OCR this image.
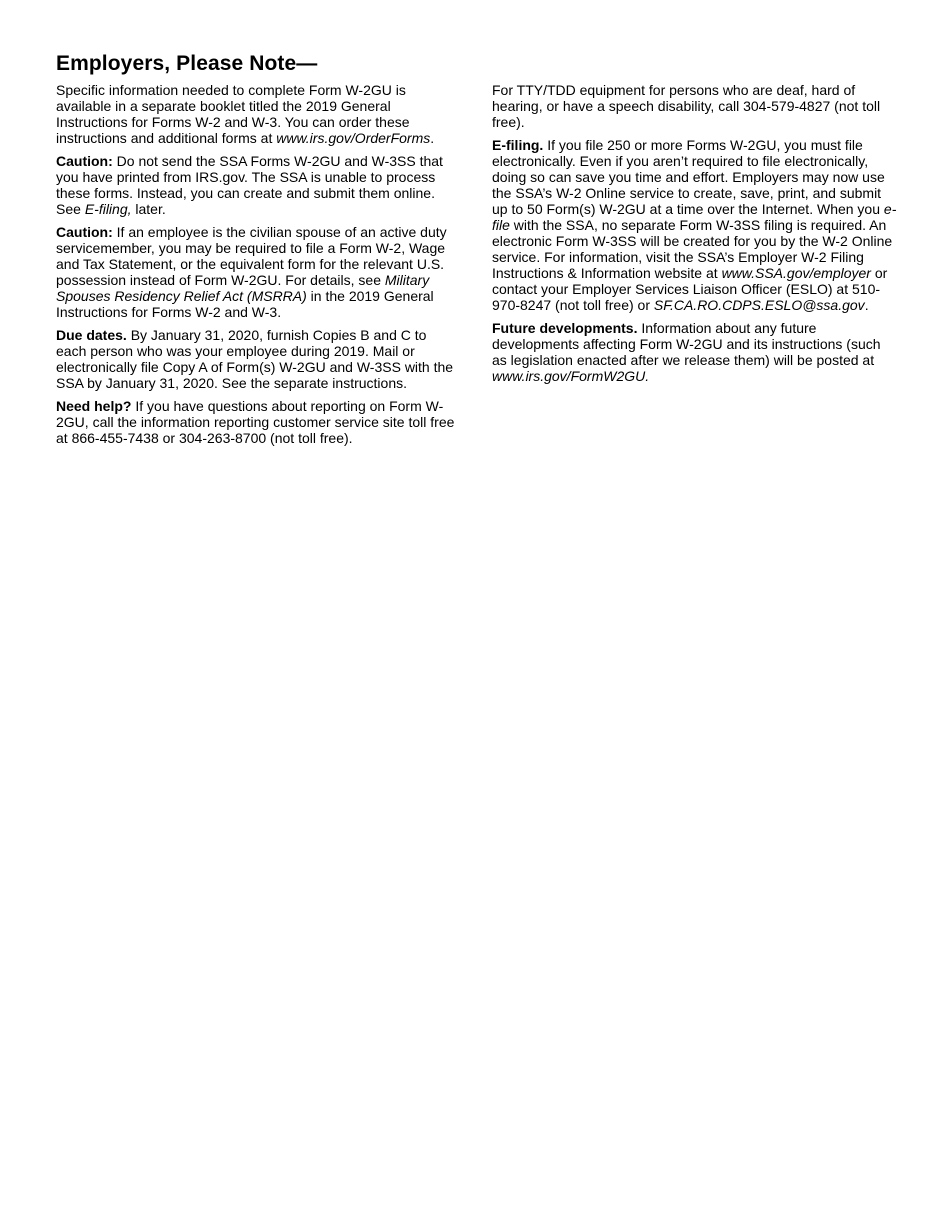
Employers, Please Note—

Specific information needed to complete Form W-2GU is available in a separate booklet titled the 2019 General Instructions for Forms W-2 and W-3. You can order these instructions and additional forms at www.irs.gov/OrderForms.

Caution: Do not send the SSA Forms W-2GU and W-3SS that you have printed from IRS.gov. The SSA is unable to process these forms. Instead, you can create and submit them online. See E-filing, later.

Caution: If an employee is the civilian spouse of an active duty servicemember, you may be required to file a Form W-2, Wage and Tax Statement, or the equivalent form for the relevant U.S. possession instead of Form W-2GU. For details, see Military Spouses Residency Relief Act (MSRRA) in the 2019 General Instructions for Forms W-2 and W-3.

Due dates. By January 31, 2020, furnish Copies B and C to each person who was your employee during 2019. Mail or electronically file Copy A of Form(s) W-2GU and W-3SS with the SSA by January 31, 2020. See the separate instructions.

Need help? If you have questions about reporting on Form W-2GU, call the information reporting customer service site toll free at 866-455-7438 or 304-263-8700 (not toll free).

For TTY/TDD equipment for persons who are deaf, hard of hearing, or have a speech disability, call 304-579-4827 (not toll free).

E-filing. If you file 250 or more Forms W-2GU, you must file electronically. Even if you aren’t required to file electronically, doing so can save you time and effort. Employers may now use the SSA’s W-2 Online service to create, save, print, and submit up to 50 Form(s) W-2GU at a time over the Internet. When you e-file with the SSA, no separate Form W-3SS filing is required. An electronic Form W-3SS will be created for you by the W-2 Online service. For information, visit the SSA’s Employer W-2 Filing Instructions & Information website at www.SSA.gov/employer or contact your Employer Services Liaison Officer (ESLO) at 510-970-8247 (not toll free) or SF.CA.RO.CDPS.ESLO@ssa.gov.

Future developments. Information about any future developments affecting Form W-2GU and its instructions (such as legislation enacted after we release them) will be posted at www.irs.gov/FormW2GU.
